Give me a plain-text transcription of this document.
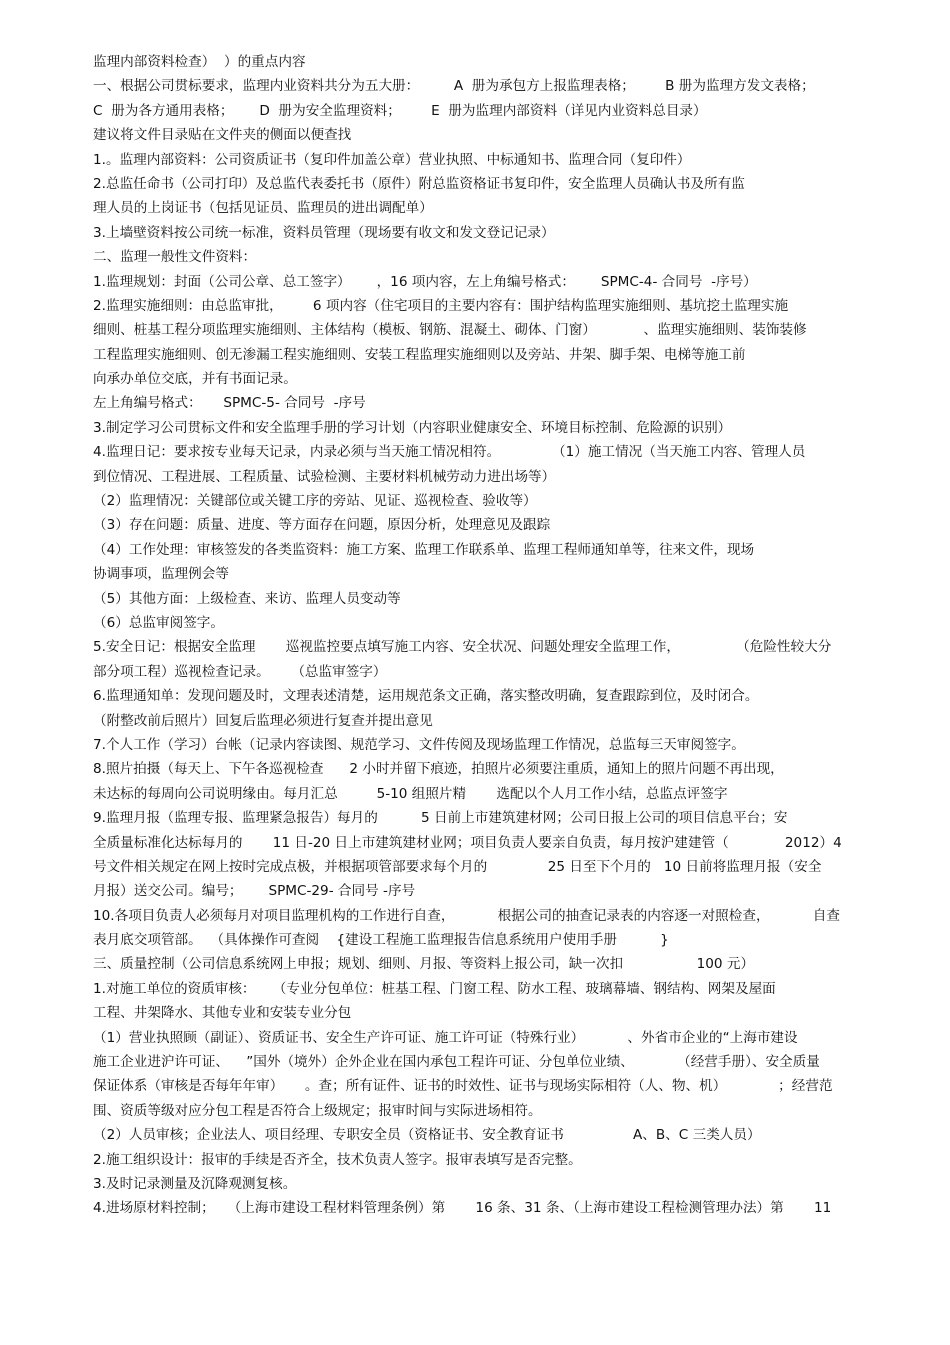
监理内部资料检查）  ）的重点内容
一、根据公司贯标要求，监理内业资料共分为五大册：        A  册为承包方上报监理表格；       B 册为监理方发文表格；
C  册为各方通用表格；      D  册为安全监理资料；       E  册为监理内部资料（详见内业资料总目录）
建议将文件目录贴在文件夹的侧面以便查找
1.。监理内部资料：公司资质证书（复印件加盖公章）营业执照、中标通知书、监理合同（复印件）
2.总监任命书（公司打印）及总监代表委托书（原件）附总监资格证书复印件，安全监理人员确认书及所有监
理人员的上岗证书（包括见证员、监理员的进出调配单）
3.上墙壁资料按公司统一标准，资料员管理（现场要有收文和发文登记记录）
二、监理一般性文件资料：
1.监理规划：封面（公司公章、总工签字）      ，16 项内容，左上角编号格式：      SPMC-4- 合同号  -序号）
2.监理实施细则：由总监审批，       6 项内容（住宅项目的主要内容有：围护结构监理实施细则、基坑挖土监理实施
细则、桩基工程分项监理实施细则、主体结构（模板、钢筋、混凝土、砌体、门窗）           、监理实施细则、装饰装修
工程监理实施细则、创无渗漏工程实施细则、安装工程监理实施细则以及旁站、井架、脚手架、电梯等施工前
向承办单位交底，并有书面记录。
左上角编号格式：     SPMC-5- 合同号  -序号
3.制定学习公司贯标文件和安全监理手册的学习计划（内容职业健康安全、环境目标控制、危险源的识别）
4.监理日记：要求按专业每天记录，内录必须与当天施工情况相符。            （1）施工情况（当天施工内容、管理人员
到位情况、工程进展、工程质量、试验检测、主要材料机械劳动力进出场等）
（2）监理情况：关键部位或关键工序的旁站、见证、巡视检查、验收等）
（3）存在问题：质量、进度、等方面存在问题，原因分析，处理意见及跟踪
（4）工作处理：审核签发的各类监资料：施工方案、监理工作联系单、监理工程师通知单等，往来文件，现场
协调事项，监理例会等
（5）其他方面：上级检查、来访、监理人员变动等
（6）总监审阅签字。
5.安全日记：根据安全监理       巡视监控要点填写施工内容、安全状况、问题处理安全监理工作，             （危险性较大分
部分项工程）巡视检查记录。     （总监审签字）
6.监理通知单：发现问题及时，文理表述清楚，运用规范条文正确，落实整改明确，复查跟踪到位，及时闭合。
（附整改前后照片）回复后监理必须进行复查并提出意见
7.个人工作（学习）台帐（记录内容读图、规范学习、文件传阅及现场监理工作情况，总监每三天审阅签字。
8.照片拍摄（每天上、下午各巡视检查      2 小时并留下痕迹，拍照片必须要注重质，通知上的照片问题不再出现，
未达标的每周向公司说明缘由。每月汇总         5-10 组照片精       选配以个人月工作小结，总监点评签字
9.监理月报（监理专报、监理紧急报告）每月的          5 日前上市建筑建材网；公司日报上公司的项目信息平台；安
全质量标准化达标每月的       11 日-20 日上市建筑建材业网；项目负责人要亲自负责，每月按沪建建管（             2012）4
号文件相关规定在网上按时完成点极，并根据项管部要求每个月的              25 日至下个月的   10 日前将监理月报（安全
月报）送交公司。编号；      SPMC-29- 合同号 -序号
10.各项目负责人必须每月对项目监理机构的工作进行自查，          根据公司的抽查记录表的内容逐一对照检查，          自查
表月底交项管部。  （具体操作可查阅    {建设工程施工监理报告信息系统用户使用手册          }
三、质量控制（公司信息系统网上申报；规划、细则、月报、等资料上报公司，缺一次扣                 100 元）
1.对施工单位的资质审核：    （专业分包单位：桩基工程、门窗工程、防水工程、玻璃幕墙、钢结构、网架及屋面
工程、井架降水、其他专业和安装专业分包
（1）营业执照顾（副证）、资质证书、安全生产许可证、施工许可证（特殊行业）          、外省市企业的“上海市建设
施工企业进沪许可证、    ”国外（境外）企外企业在国内承包工程许可证、分包单位业绩、          （经营手册）、安全质量
保证体系（审核是否每年年审）     。查；所有证件、证书的时效性、证书与现场实际相符（人、物、机）            ；经营范
围、资质等级对应分包工程是否符合上级规定；报审时间与实际进场相符。
（2）人员审核；企业法人、项目经理、专职安全员（资格证书、安全教育证书                A、B、C 三类人员）
2.施工组织设计：报审的手续是否齐全，技术负责人签字。报审表填写是否完整。
3.及时记录测量及沉降观测复核。
4.进场原材料控制；   （上海市建设工程材料管理条例）第       16 条、31 条、（上海市建设工程检测管理办法）第       11
